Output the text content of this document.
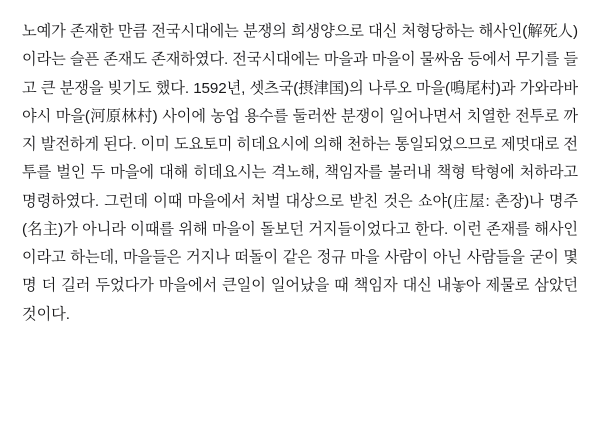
노예가 존재한 만큼 전국시대에는 분쟁의 희생양으로 대신 처형당하는 해사인(解死人)이라는 슬픈 존재도 존재하였다. 전국시대에는 마을과 마을이 물싸움 등에서 무기를 들고 큰 분쟁을 빚기도 했다. 1592년, 셋츠국(摂津国)의 나루오 마을(鳴尾村)과 가와라바야시 마을(河原林村) 사이에 농업 용수를 둘러싼 분쟁이 일어나면서 치열한 전투로 까지 발전하게 된다. 이미 도요토미 히데요시에 의해 천하는 통일되었으므로 제멋대로 전투를 벌인 두 마을에 대해 히데요시는 격노해, 책임자를 불러내 책형 탁형에 처하라고 명령하였다. 그런데 이때 마을에서 처벌 대상으로 받친 것은 쇼야(庄屋: 촌장)나 명주(名主)가 아니라 이때를 위해 마을이 돌보던 거지들이었다고 한다. 이런 존재를 해사인이라고 하는데, 마을들은 거지나 떠돌이 같은 정규 마을 사람이 아닌 사람들을 굳이 몇 명 더 길러 두었다가 마을에서 큰일이 일어났을 때 책임자 대신 내놓아 제물로 삼았던 것이다.
